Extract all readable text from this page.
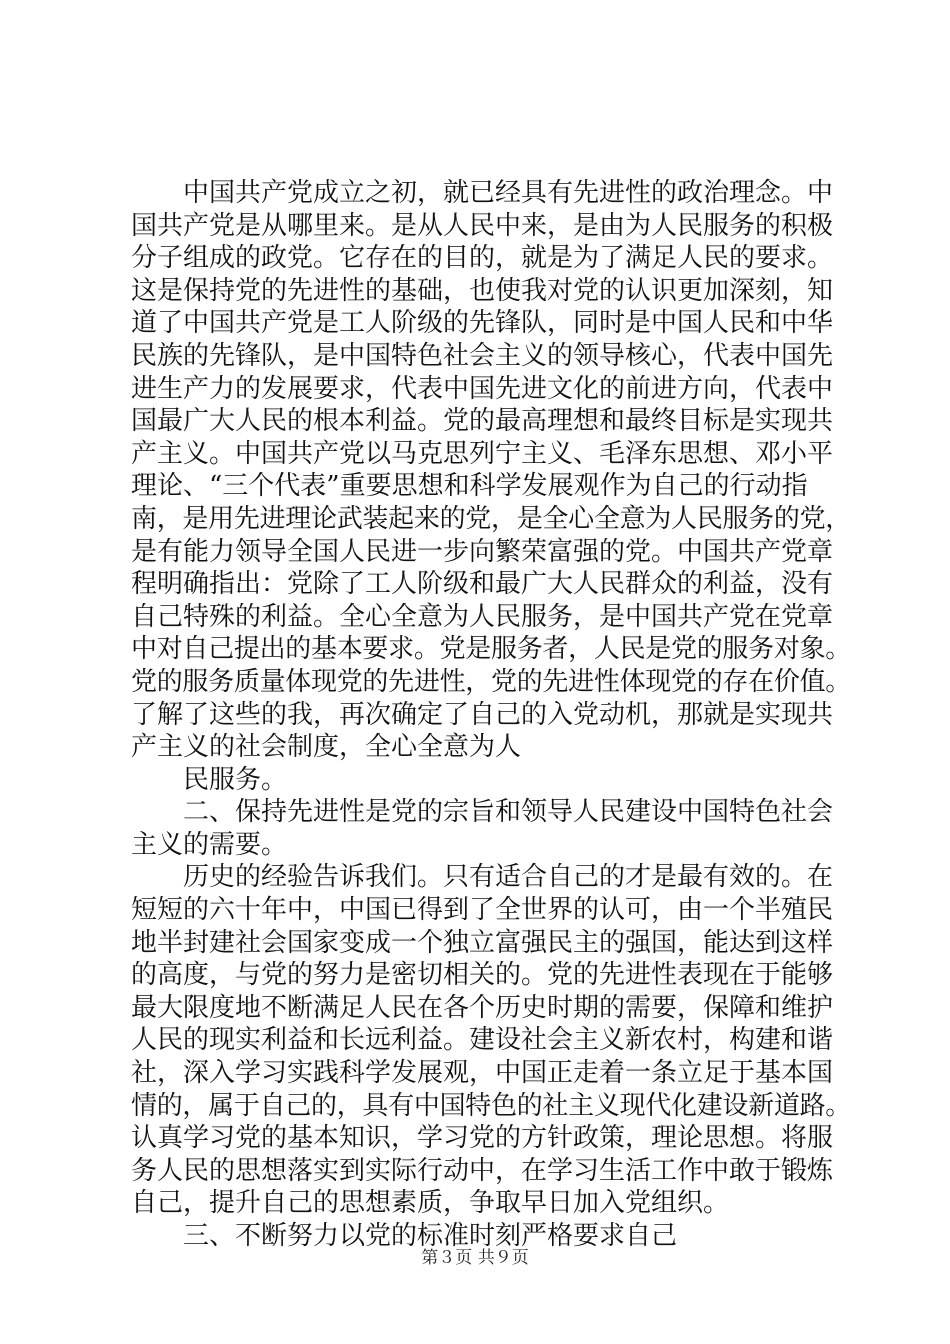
　　中国共产党成立之初，就已经具有先进性的政治理念。中
国共产党是从哪里来。是从人民中来，是由为人民服务的积极
分子组成的政党。它存在的目的，就是为了满足人民的要求。
这是保持党的先进性的基础，也使我对党的认识更加深刻，知
道了中国共产党是工人阶级的先锋队，同时是中国人民和中华
民族的先锋队，是中国特色社会主义的领导核心，代表中国先
进生产力的发展要求，代表中国先进文化的前进方向，代表中
国最广大人民的根本利益。党的最高理想和最终目标是实现共
产主义。中国共产党以马克思列宁主义、毛泽东思想、邓小平
理论、“三个代表”重要思想和科学发展观作为自己的行动指
南，是用先进理论武装起来的党，是全心全意为人民服务的党，
是有能力领导全国人民进一步向繁荣富强的党。中国共产党章
程明确指出：党除了工人阶级和最广大人民群众的利益，没有
自己特殊的利益。全心全意为人民服务，是中国共产党在党章
中对自己提出的基本要求。党是服务者，人民是党的服务对象。
党的服务质量体现党的先进性，党的先进性体现党的存在价值。
了解了这些的我，再次确定了自己的入党动机，那就是实现共
产主义的社会制度，全心全意为人
　　民服务。
　　二、保持先进性是党的宗旨和领导人民建设中国特色社会
主义的需要。
　　历史的经验告诉我们。只有适合自己的才是最有效的。在
短短的六十年中，中国已得到了全世界的认可，由一个半殖民
地半封建社会国家变成一个独立富强民主的强国，能达到这样
的高度，与党的努力是密切相关的。党的先进性表现在于能够
最大限度地不断满足人民在各个历史时期的需要，保障和维护
人民的现实利益和长远利益。建设社会主义新农村，构建和谐
社，深入学习实践科学发展观，中国正走着一条立足于基本国
情的，属于自己的，具有中国特色的社主义现代化建设新道路。
认真学习党的基本知识，学习党的方针政策，理论思想。将服
务人民的思想落实到实际行动中，在学习生活工作中敢于锻炼
自己，提升自己的思想素质，争取早日加入党组织。
　　三、不断努力以党的标准时刻严格要求自己
第３页 共９页
